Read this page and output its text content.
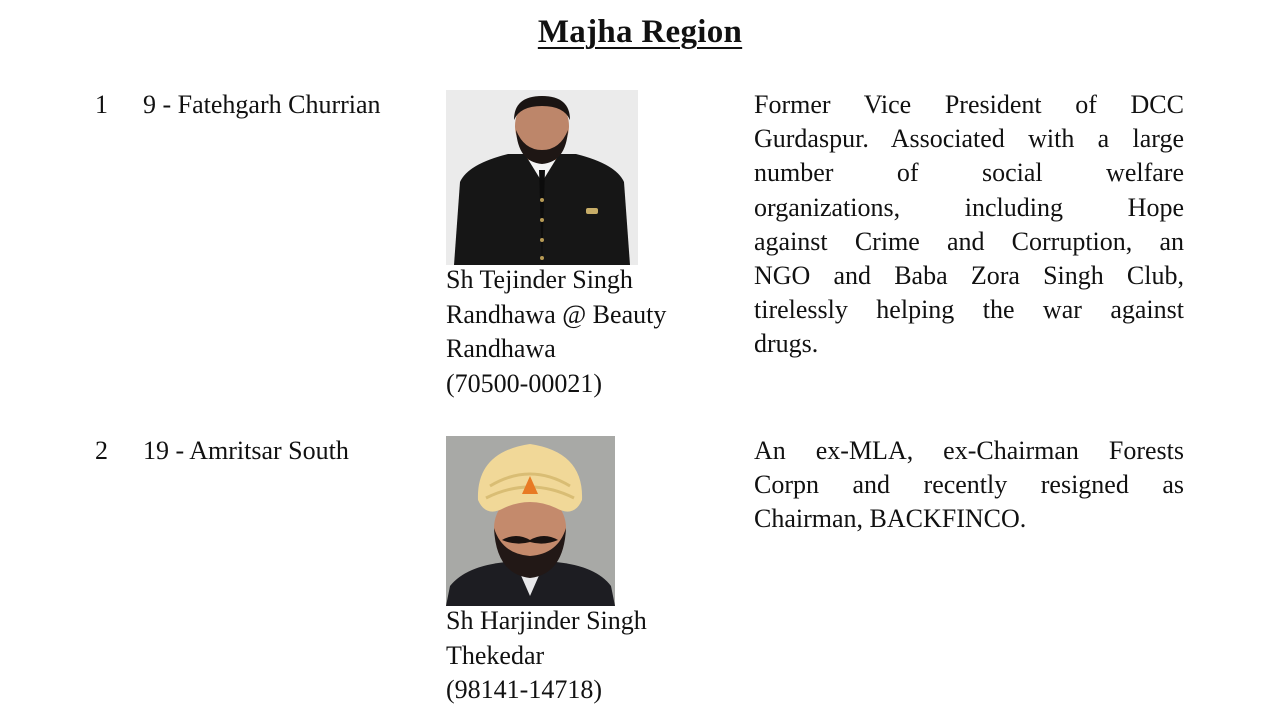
Majha Region
1 9 - Fatehgarh Churrian
Sh Tejinder Singh
Randhawa @ Beauty
Randhawa
(70500-00021)
Former Vice President of DCC
Gurdaspur. Associated with a large
number of social welfare
organizations, including Hope
against Crime and Corruption, an
NGO and Baba Zora Singh Club,
tirelessly helping the war against
drugs.
2 19 - Amritsar South
Sh Harjinder Singh
Thekedar
(98141-14718)
An ex-MLA, ex-Chairman Forests
Corpn and recently resigned as
Chairman, BACKFINCO.
